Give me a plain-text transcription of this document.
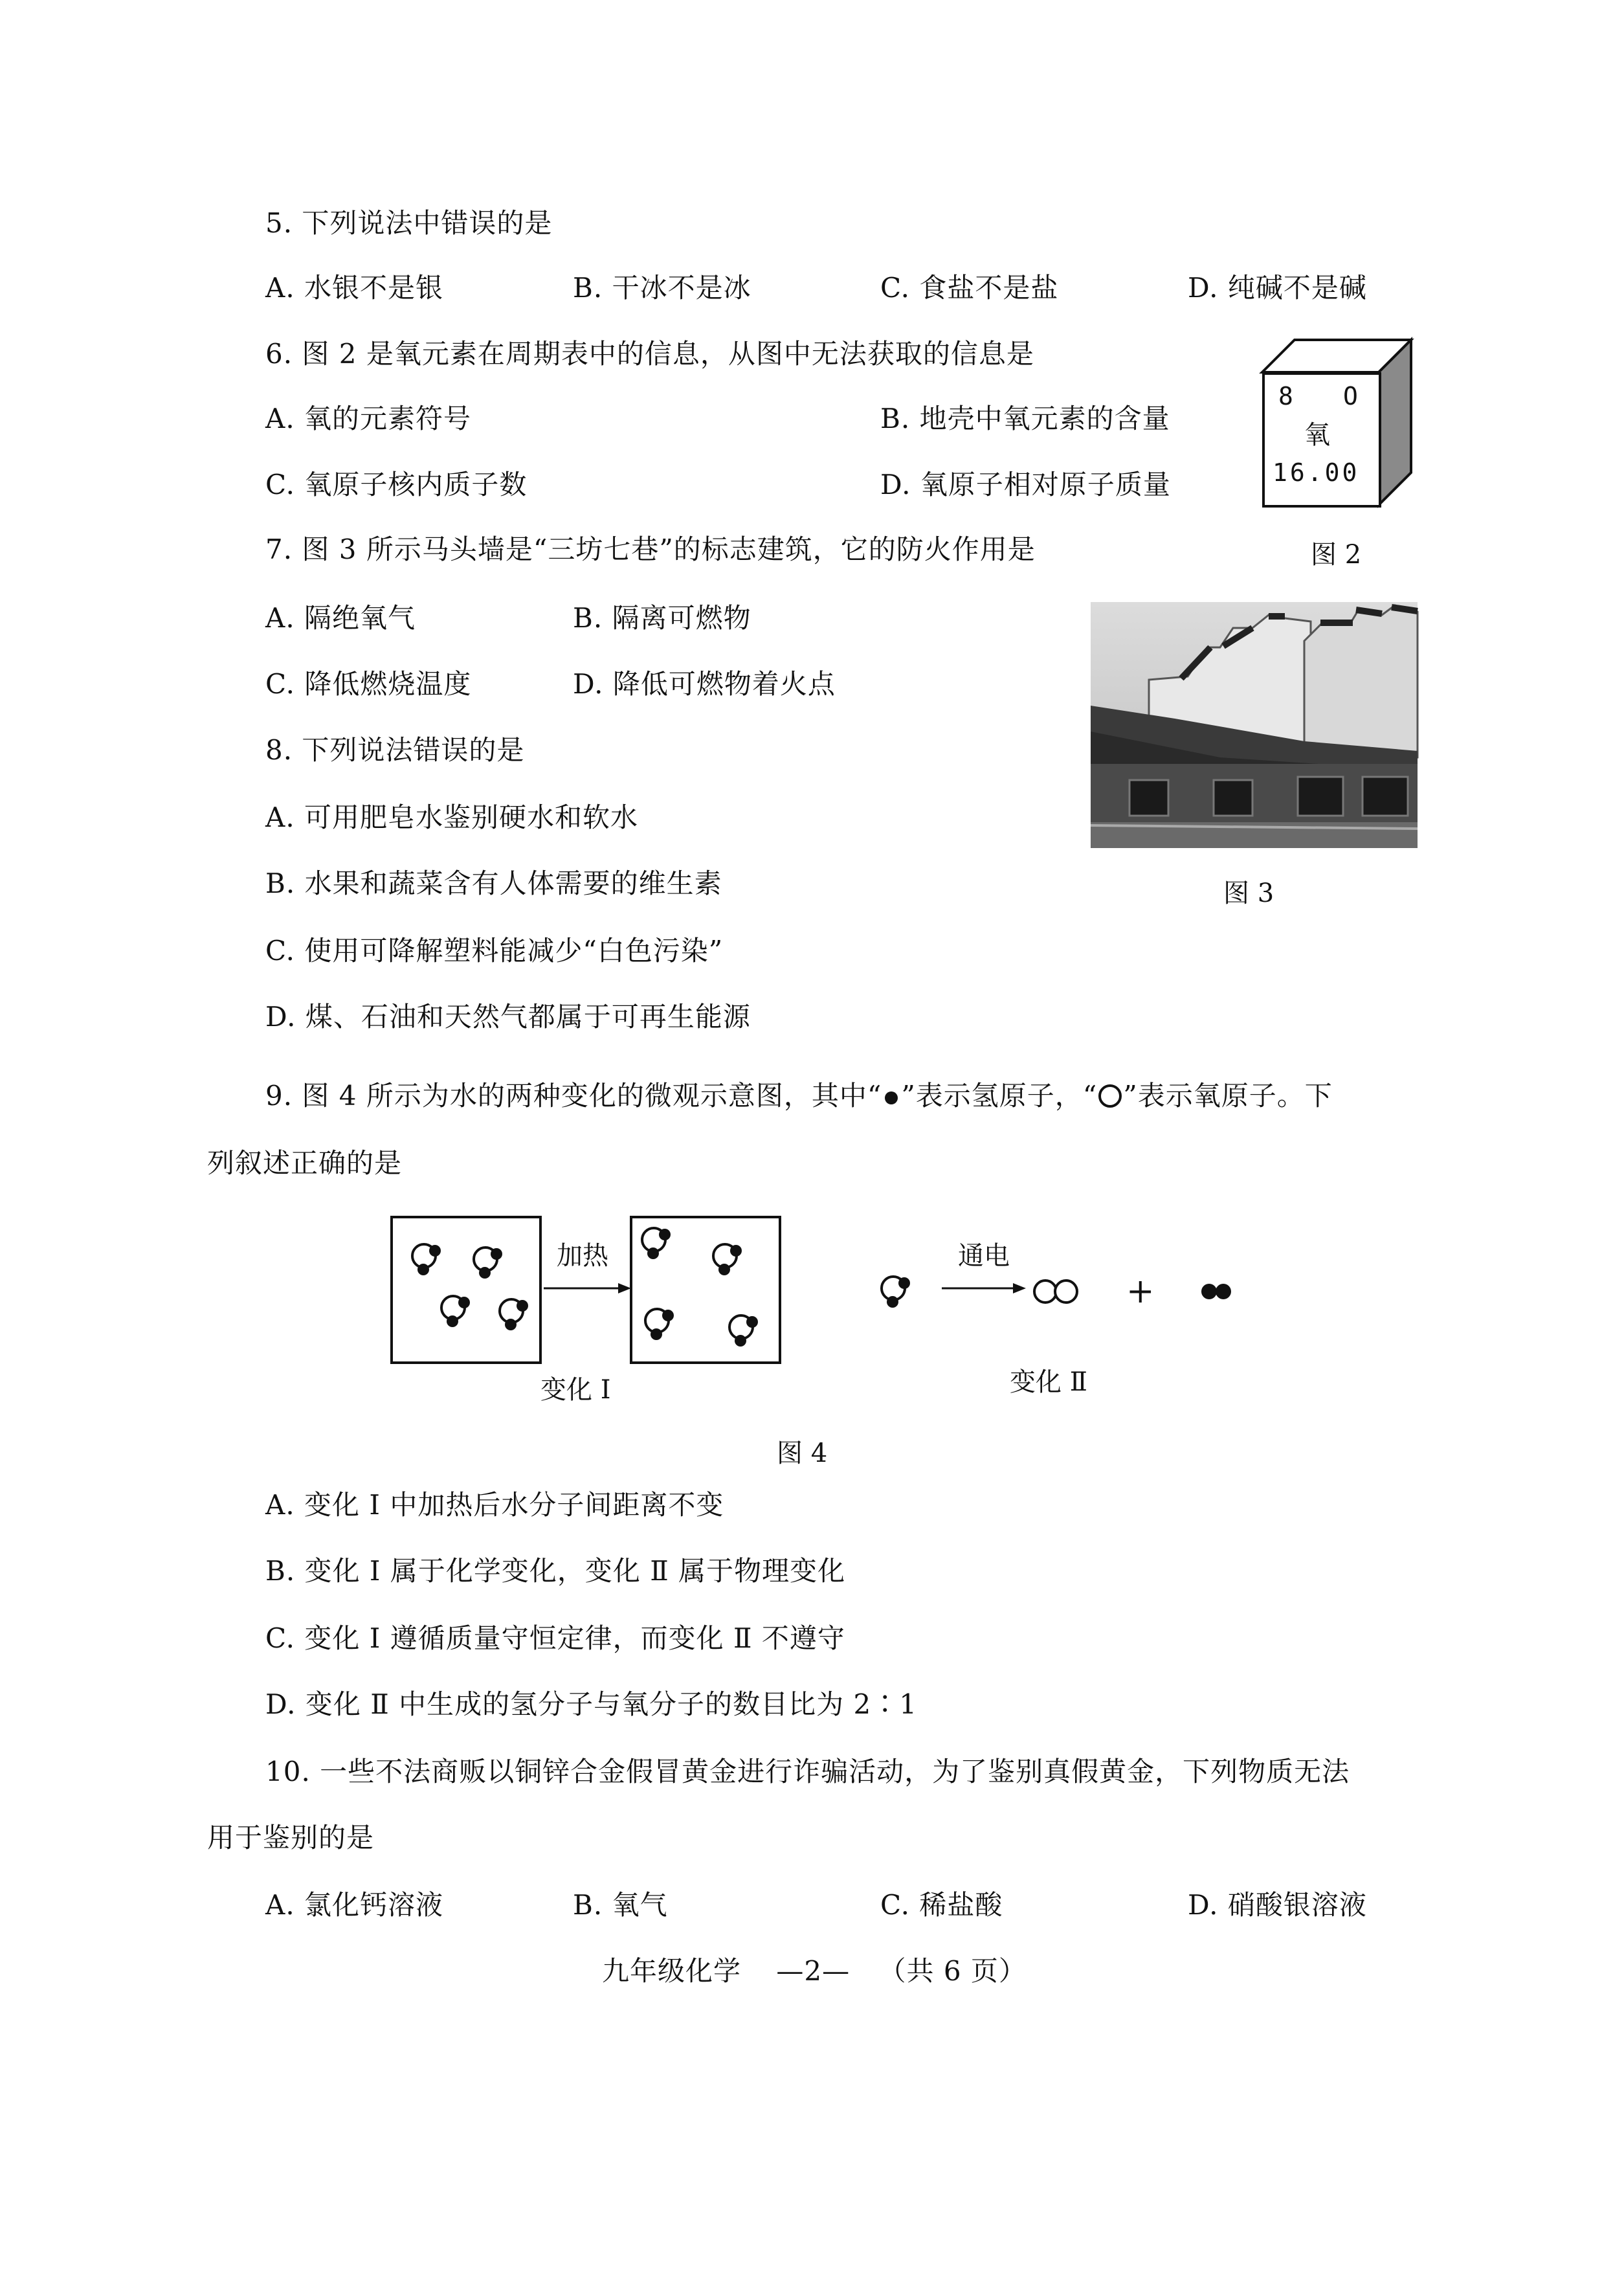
5. 下列说法中错误的是
A. 水银不是银	B. 干冰不是冰	C. 食盐不是盐	D. 纯碱不是碱
6. 图 2 是氧元素在周期表中的信息，从图中无法获取的信息是
A. 氧的元素符号	B. 地壳中氧元素的含量
C. 氧原子核内质子数	D. 氧原子相对原子质量
8 O
氧
16.00
图 2
7. 图 3 所示马头墙是“三坊七巷”的标志建筑，它的防火作用是
A. 隔绝氧气	B. 隔离可燃物
C. 降低燃烧温度	D. 降低可燃物着火点
图 3
8. 下列说法错误的是
A. 可用肥皂水鉴别硬水和软水
B. 水果和蔬菜含有人体需要的维生素
C. 使用可降解塑料能减少“白色污染”
D. 煤、石油和天然气都属于可再生能源
9. 图 4 所示为水的两种变化的微观示意图，其中“ ”表示氢原子，“ ”表示氧原子。下
列叙述正确的是
加热	通电
+
变化 Ⅰ	变化 Ⅱ
图 4
A. 变化 Ⅰ 中加热后水分子间距离不变
B. 变化 Ⅰ 属于化学变化，变化 Ⅱ 属于物理变化
C. 变化 Ⅰ 遵循质量守恒定律，而变化 Ⅱ 不遵守
D. 变化 Ⅱ 中生成的氢分子与氧分子的数目比为 2∶1
10. 一些不法商贩以铜锌合金假冒黄金进行诈骗活动，为了鉴别真假黄金，下列物质无法
用于鉴别的是
A. 氯化钙溶液	B. 氧气	C. 稀盐酸	D. 硝酸银溶液
九年级化学 —2— （共 6 页）
